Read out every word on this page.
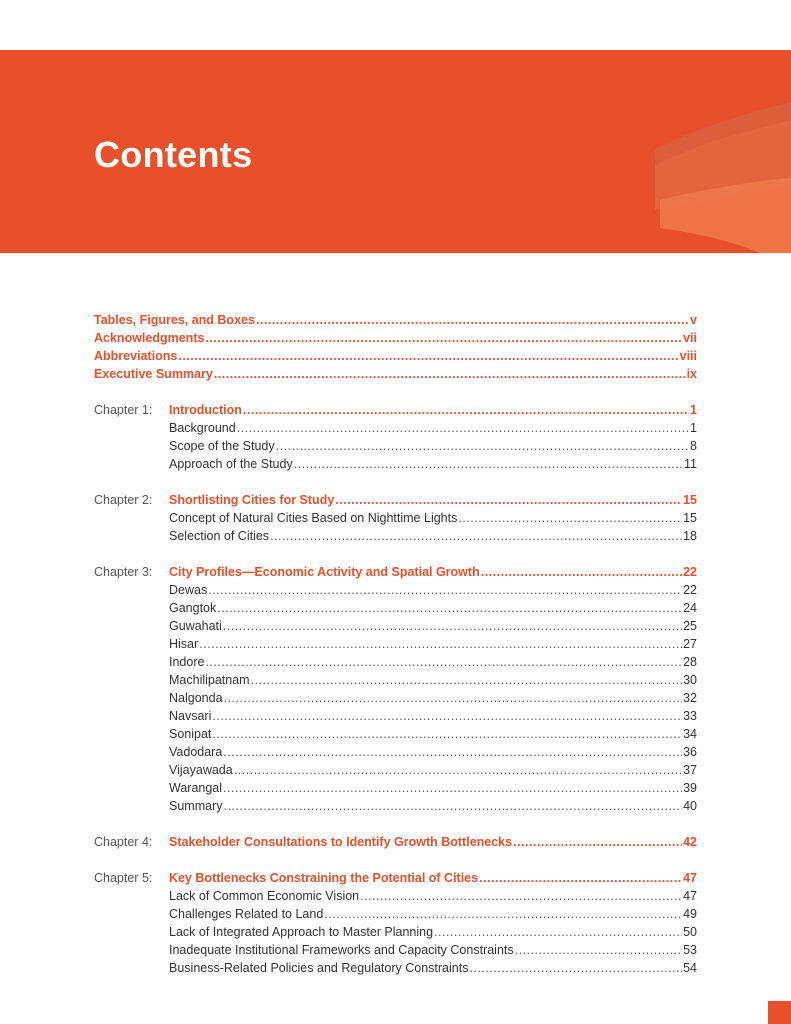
Contents
Tables, Figures, and Boxes .....	v
Acknowledgments .....	vii
Abbreviations .....	viii
Executive Summary .....	ix
Chapter 1:	Introduction .....	1
Background .....	1
Scope of the Study .....	8
Approach of the Study .....	11
Chapter 2:	Shortlisting Cities for Study .....	15
Concept of Natural Cities Based on Nighttime Lights .....	15
Selection of Cities .....	18
Chapter 3:	City Profiles—Economic Activity and Spatial Growth .....	22
Dewas .....	22
Gangtok .....	24
Guwahati .....	25
Hisar .....	27
Indore .....	28
Machilipatnam .....	30
Nalgonda .....	32
Navsari .....	33
Sonipat .....	34
Vadodara .....	36
Vijayawada .....	37
Warangal .....	39
Summary .....	40
Chapter 4:	Stakeholder Consultations to Identify Growth Bottlenecks .....	42
Chapter 5:	Key Bottlenecks Constraining the Potential of Cities .....	47
Lack of Common Economic Vision .....	47
Challenges Related to Land .....	49
Lack of Integrated Approach to Master Planning .....	50
Inadequate Institutional Frameworks and Capacity Constraints .....	53
Business-Related Policies and Regulatory Constraints .....	54
